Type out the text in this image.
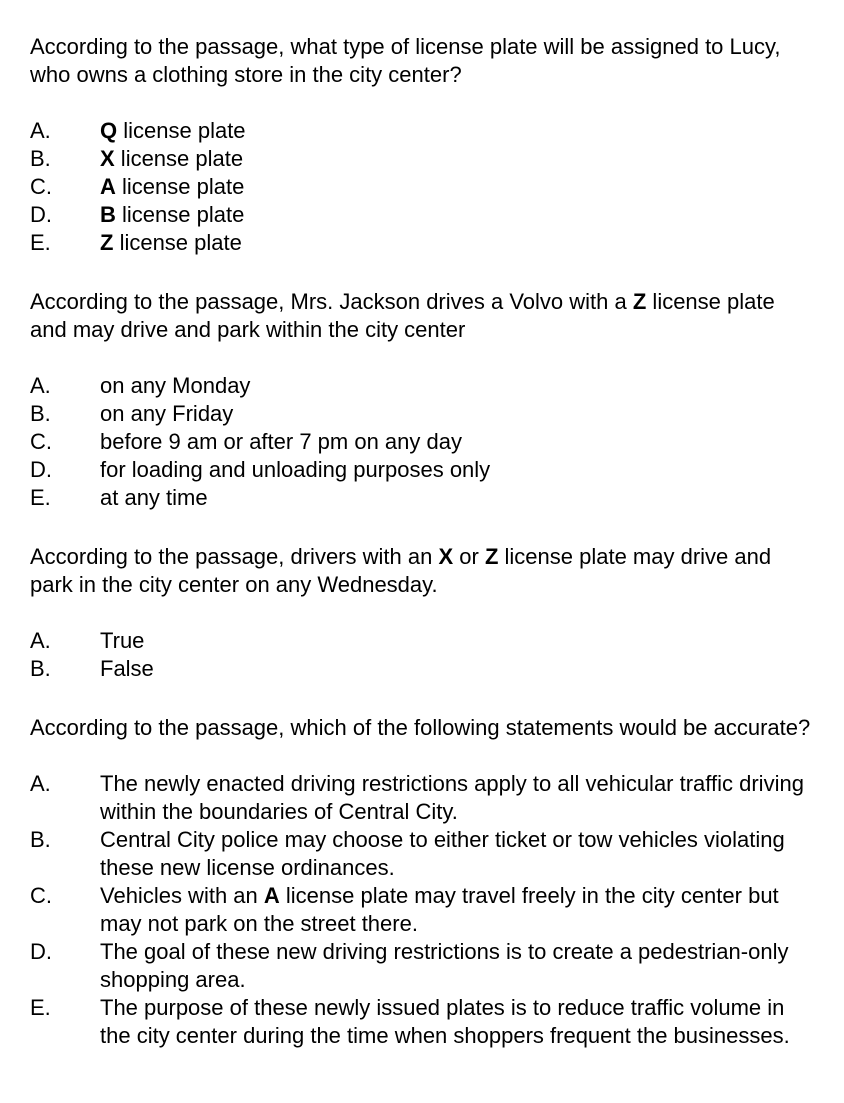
According to the passage, what type of license plate will be assigned to Lucy, who owns a clothing store in the city center?

A.	Q license plate
B.	X license plate
C.	A license plate
D.	B license plate
E.	Z license plate

According to the passage, Mrs. Jackson drives a Volvo with a Z license plate and may drive and park within the city center

A.	on any Monday
B.	on any Friday
C.	before 9 am or after 7 pm on any day
D.	for loading and unloading purposes only
E.	at any time

According to the passage, drivers with an X or Z license plate may drive and park in the city center on any Wednesday.

A.	True
B.	False

According to the passage, which of the following statements would be accurate?

A.	The newly enacted driving restrictions apply to all vehicular traffic driving within the boundaries of Central City.
B.	Central City police may choose to either ticket or tow vehicles violating these new license ordinances.
C.	Vehicles with an A license plate may travel freely in the city center but may not park on the street there.
D.	The goal of these new driving restrictions is to create a pedestrian-only shopping area.
E.	The purpose of these newly issued plates is to reduce traffic volume in the city center during the time when shoppers frequent the businesses.
